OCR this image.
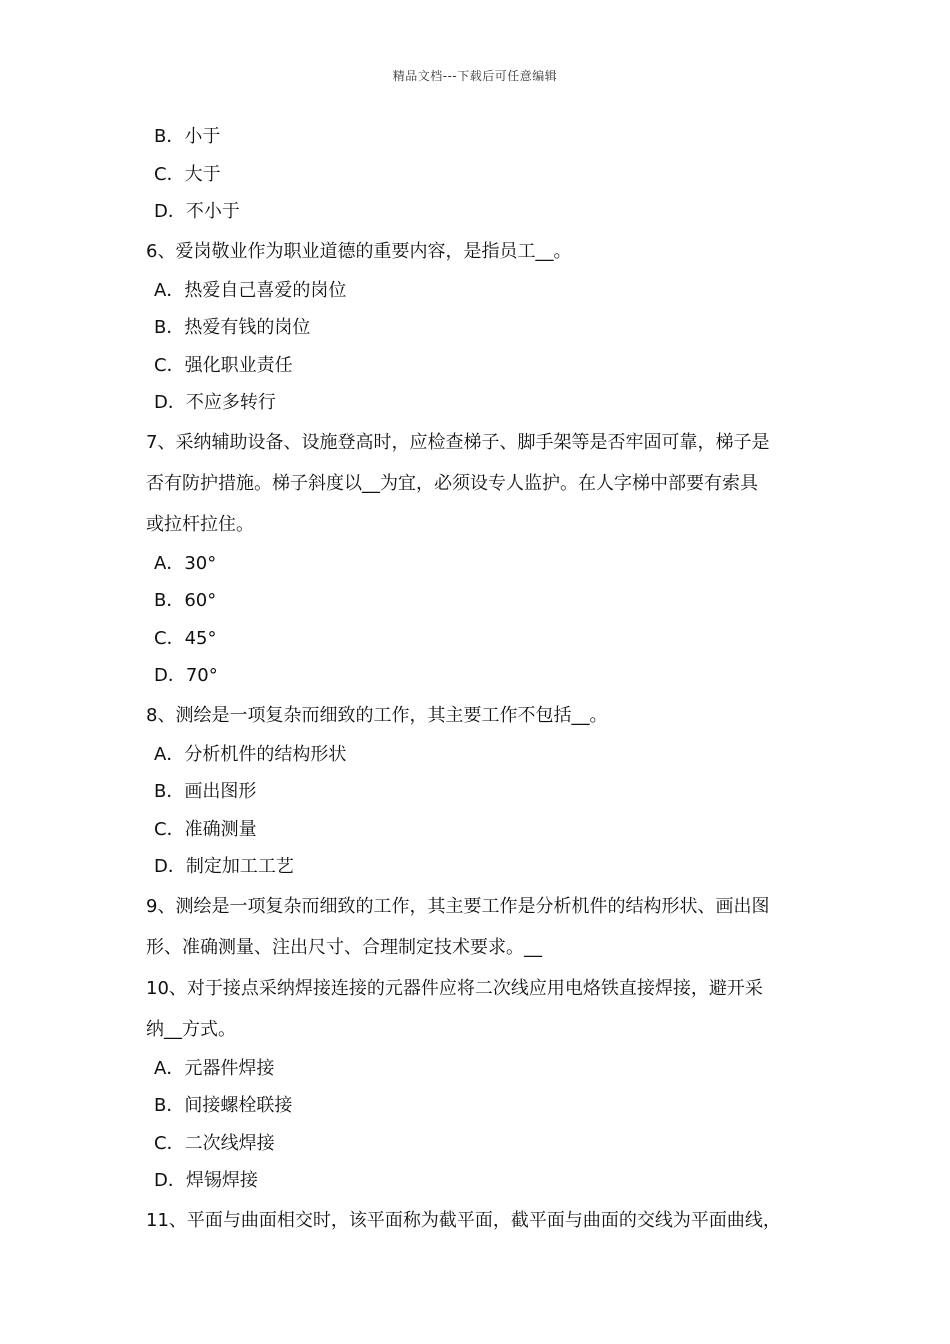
精品文档---下载后可任意编辑
B．小于
C．大于
D．不小于
6、爱岗敬业作为职业道德的重要内容，是指员工__。
A．热爱自己喜爱的岗位
B．热爱有钱的岗位
C．强化职业责任
D．不应多转行
7、采纳辅助设备、设施登高时，应检查梯子、脚手架等是否牢固可靠，梯子是
否有防护措施。梯子斜度以__为宜，必须设专人监护。在人字梯中部要有索具
或拉杆拉住。
A．30°
B．60°
C．45°
D．70°
8、测绘是一项复杂而细致的工作，其主要工作不包括__。
A．分析机件的结构形状
B．画出图形
C．准确测量
D．制定加工工艺
9、测绘是一项复杂而细致的工作，其主要工作是分析机件的结构形状、画出图
形、准确测量、注出尺寸、合理制定技术要求。__
10、对于接点采纳焊接连接的元器件应将二次线应用电烙铁直接焊接，避开采
纳__方式。
A．元器件焊接
B．间接螺栓联接
C．二次线焊接
D．焊锡焊接
11、平面与曲面相交时，该平面称为截平面，截平面与曲面的交线为平面曲线，
